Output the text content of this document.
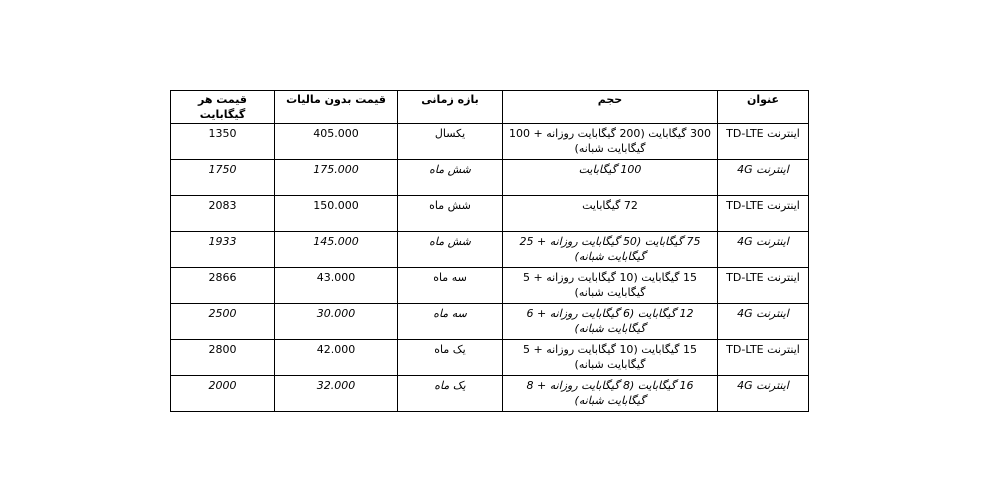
قیمت هر گیگابایت	قیمت بدون مالیات	بازه زمانی	حجم	عنوان
1350	405.000	یکسال	300 گیگابایت (200 گیگابایت روزانه + 100 گیگابایت شبانه)	اینترنت TD-LTE
1750	175.000	شش ماه	100 گیگابایت	اینترنت 4G
2083	150.000	شش ماه	72 گیگابایت	اینترنت TD-LTE
1933	145.000	شش ماه	75 گیگابایت (50 گیگابایت روزانه + 25 گیگابایت شبانه)	اینترنت 4G
2866	43.000	سه ماه	15 گیگابایت (10 گیگابایت روزانه + 5 گیگابایت شبانه)	اینترنت TD-LTE
2500	30.000	سه ماه	12 گیگابایت (6 گیگابایت روزانه + 6 گیگابایت شبانه)	اینترنت 4G
2800	42.000	یک ماه	15 گیگابایت (10 گیگابایت روزانه + 5 گیگابایت شبانه)	اینترنت TD-LTE
2000	32.000	یک ماه	16 گیگابایت (8 گیگابایت روزانه + 8 گیگابایت شبانه)	اینترنت 4G
